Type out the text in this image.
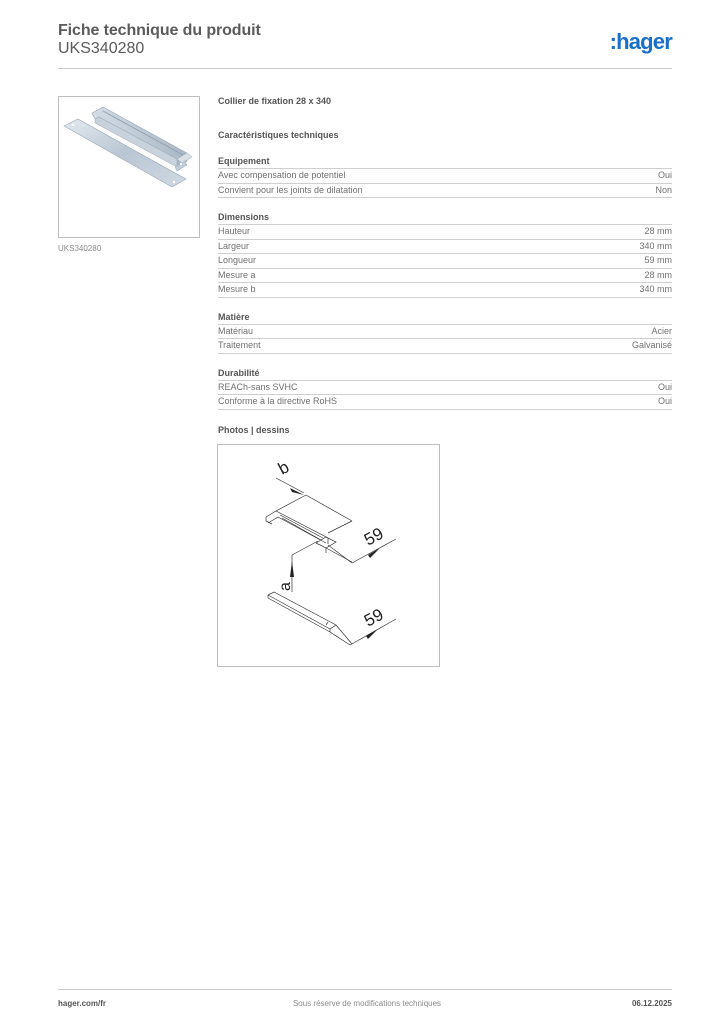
Fiche technique du produit
UKS340280	:hager
UKS340280
Collier de fixation 28 x 340
Caractéristiques techniques
Equipement
Avec compensation de potentiel	Oui
Convient pour les joints de dilatation	Non
Dimensions
Hauteur	28 mm
Largeur	340 mm
Longueur	59 mm
Mesure a	28 mm
Mesure b	340 mm
Matière
Matériau	Acier
Traitement	Galvanisé
Durabilité
REACh-sans SVHC	Oui
Conforme à la directive RoHS	Oui
Photos | dessins
b
a
59
59
hager.com/fr	Sous réserve de modifications techniques	06.12.2025
